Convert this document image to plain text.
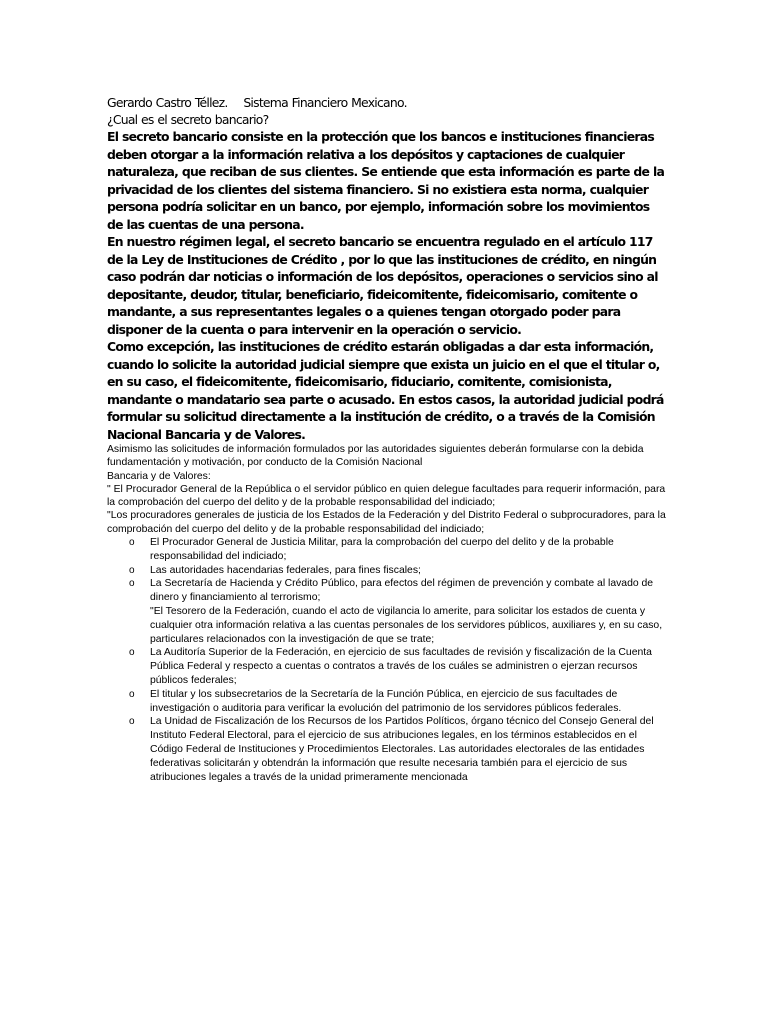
Gerardo Castro Téllez. Sistema Financiero Mexicano.
¿Cual es el secreto bancario?

El secreto bancario consiste en la protección que los bancos e instituciones financieras deben otorgar a la información relativa a los depósitos y captaciones de cualquier naturaleza, que reciban de sus clientes. Se entiende que esta información es parte de la privacidad de los clientes del sistema financiero. Si no existiera esta norma, cualquier persona podría solicitar en un banco, por ejemplo, información sobre los movimientos de las cuentas de una persona.

En nuestro régimen legal, el secreto bancario se encuentra regulado en el artículo 117 de la Ley de Instituciones de Crédito , por lo que las instituciones de crédito, en ningún caso podrán dar noticias o información de los depósitos, operaciones o servicios sino al depositante, deudor, titular, beneficiario, fideicomitente, fideicomisario, comitente o mandante, a sus representantes legales o a quienes tengan otorgado poder para disponer de la cuenta o para intervenir en la operación o servicio.

Como excepción, las instituciones de crédito estarán obligadas a dar esta información, cuando lo solicite la autoridad judicial siempre que exista un juicio en el que el titular o, en su caso, el fideicomitente, fideicomisario, fiduciario, comitente, comisionista, mandante o mandatario sea parte o acusado. En estos casos, la autoridad judicial podrá formular su solicitud directamente a la institución de crédito, o a través de la Comisión Nacional Bancaria y de Valores.

Asimismo las solicitudes de información formulados por las autoridades siguientes deberán formularse con la debida fundamentación y motivación, por conducto de la Comisión Nacional

Bancaria y de Valores:

" El Procurador General de la República o el servidor público en quien delegue facultades para requerir información, para la comprobación del cuerpo del delito y de la probable responsabilidad del indiciado;

"Los procuradores generales de justicia de los Estados de la Federación y del Distrito Federal o subprocuradores, para la comprobación del cuerpo del delito y de la probable responsabilidad del indiciado;

o El Procurador General de Justicia Militar, para la comprobación del cuerpo del delito y de la probable responsabilidad del indiciado;
o Las autoridades hacendarias federales, para fines fiscales;
o La Secretaría de Hacienda y Crédito Público, para efectos del régimen de prevención y combate al lavado de dinero y financiamiento al terrorismo;
"El Tesorero de la Federación, cuando el acto de vigilancia lo amerite, para solicitar los estados de cuenta y cualquier otra información relativa a las cuentas personales de los servidores públicos, auxiliares y, en su caso, particulares relacionados con la investigación de que se trate;
o La Auditoría Superior de la Federación, en ejercicio de sus facultades de revisión y fiscalización de la Cuenta Pública Federal y respecto a cuentas o contratos a través de los cuáles se administren o ejerzan recursos públicos federales;
o El titular y los subsecretarios de la Secretaría de la Función Pública, en ejercicio de sus facultades de investigación o auditoria para verificar la evolución del patrimonio de los servidores públicos federales.
o La Unidad de Fiscalización de los Recursos de los Partidos Políticos, órgano técnico del Consejo General del Instituto Federal Electoral, para el ejercicio de sus atribuciones legales, en los términos establecidos en el Código Federal de Instituciones y Procedimientos Electorales. Las autoridades electorales de las entidades federativas solicitarán y obtendrán la información que resulte necesaria también para el ejercicio de sus atribuciones legales a través de la unidad primeramente mencionada
